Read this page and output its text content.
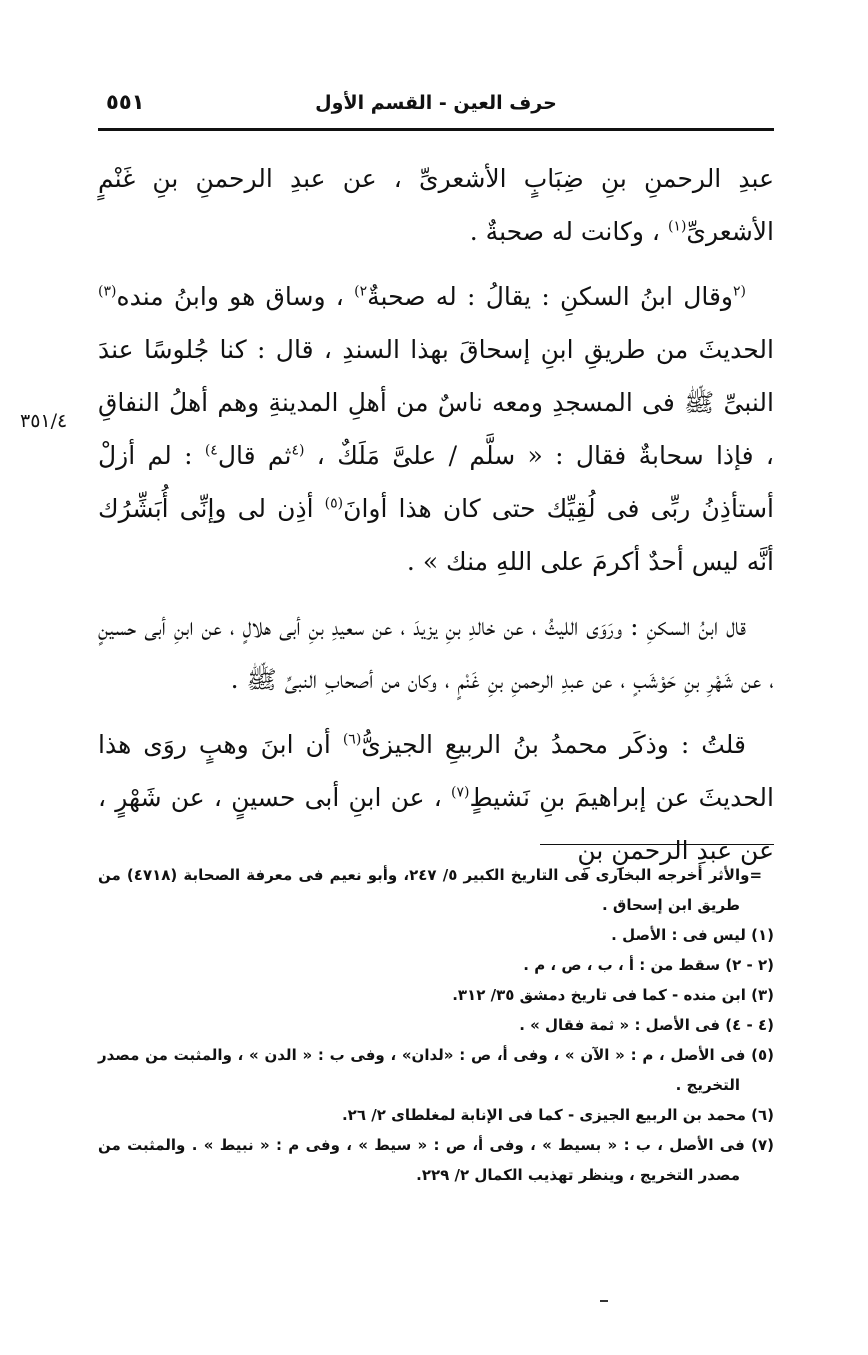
حرف العين - القسم الأول
٥٥١
٣٥١/٤

عبدِ الرحمنِ بنِ ضِبَابٍ الأشعرىِّ ، عن عبدِ الرحمنِ بنِ غَنْمٍ الأشعرىِّ$^{(١)}$ ، وكانت له صحبةٌ .

$^{(٢}$وقال ابنُ السكنِ : يقالُ : له صحبةٌ$^{٢)}$ ، وساق هو وابنُ منده$^{(٣)}$ الحديثَ من طريقِ ابنِ إسحاقَ بهذا السندِ ، قال : كنا جُلوسًا عندَ النبىِّ ﷺ فى المسجدِ ومعه ناسٌ من أهلِ المدينةِ وهم أهلُ النفاقِ ، فإذا سحابةٌ فقال : « سلَّم / علىَّ مَلَكٌ ، $^{(٤}$ثم قال$^{٤)}$ : لم أزلْ أستأذِنُ ربِّى فى لُقِيِّك حتى كان هذا أوانَ$^{(٥)}$ أذِن لى وإنِّى أُبَشِّرُك أنَّه ليس أحدٌ أكرمَ على اللهِ منك » .

قال ابنُ السكنِ : ورَوَى الليثُ ، عن خالدِ بنِ يزيدَ ، عن سعيدِ بنِ أبى هلالٍ ، عن ابنِ أبى حسينٍ ، عن شَهْرِ بنِ حَوْشَبٍ ، عن عبدِ الرحمنِ بنِ غَنْمٍ ، وكان من أصحابِ النبىِّ ﷺ .

قلتُ : وذكَر محمدُ بنُ الربيعِ الجيزىُّ$^{(٦)}$ أن ابنَ وهبٍ روَى هذا الحديثَ عن إبراهيمَ بنِ نَشيطٍ$^{(٧)}$ ، عن ابنِ أبى حسينٍ ، عن شَهْرٍ ، عن عبدِ الرحمنِ بنِ

=والأثر أخرجه البخارى فى التاريخ الكبير ٥/ ٢٤٧، وأبو نعيم فى معرفة الصحابة (٤٧١٨) من طريق ابن إسحاق .

(١) ليس فى : الأصل .

(٢ - ٢) سقط من : أ ، ب ، ص ، م .

(٣) ابن منده - كما فى تاريخ دمشق ٣٥/ ٣١٢.

(٤ - ٤) فى الأصل : « ثمة فقال » .

(٥) فى الأصل ، م : « الآن » ، وفى أ، ص : «لدان» ، وفى ب : « الدن » ، والمثبت من مصدر التخريج .

(٦) محمد بن الربيع الجيزى - كما فى الإنابة لمغلطاى ٢/ ٢٦.

(٧) فى الأصل ، ب : « بسيط » ، وفى أ، ص : « سيط » ، وفى م : « نبيط » . والمثبت من مصدر التخريج ، وينظر تهذيب الكمال ٢/ ٢٢٩.
